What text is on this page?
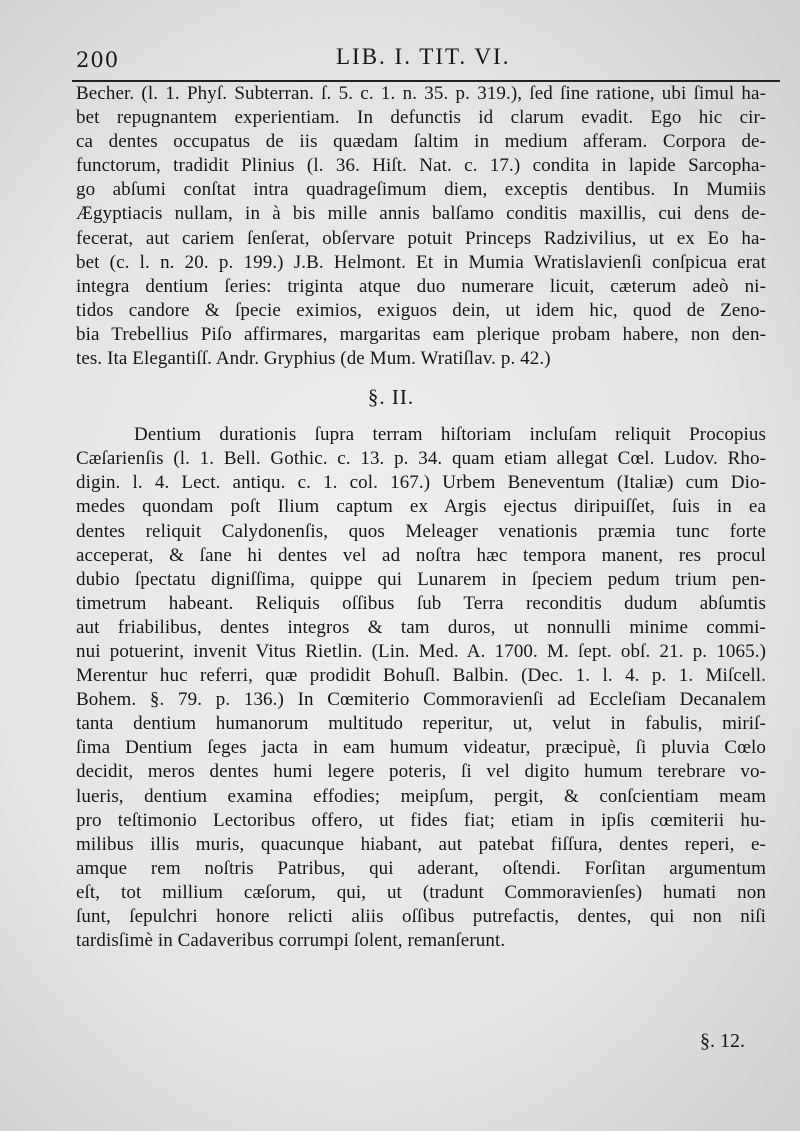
200	LIB. I. TIT. VI.
Becher. (l. 1. Phyſ. Subterran. ſ. 5. c. 1. n. 35. p. 319.), ſed ſine ratione, ubi ſimul ha-
bet repugnantem experientiam. In defunctis id clarum evadit. Ego hic cir-
ca dentes occupatus de iis quædam ſaltim in medium afferam. Corpora de-
functorum, tradidit Plinius (l. 36. Hiſt. Nat. c. 17.) condita in lapide Sarcopha-
go abſumi conſtat intra quadrageſimum diem, exceptis dentibus. In Mumiis
Ægyptiacis nullam, in à bis mille annis balſamo conditis maxillis, cui dens de-
fecerat, aut cariem ſenſerat, obſervare potuit Princeps Radzivilius, ut ex Eo ha-
bet (c. l. n. 20. p. 199.) J.B. Helmont. Et in Mumia Wratislavienſi conſpicua erat
integra dentium ſeries: triginta atque duo numerare licuit, cæterum adeò ni-
tidos candore & ſpecie eximios, exiguos dein, ut idem hic, quod de Zeno-
bia Trebellius Piſo affirmares, margaritas eam plerique probam habere, non den-
tes. Ita Elegantiſſ. Andr. Gryphius (de Mum. Wratiſlav. p. 42.)
§. II.
Dentium durationis ſupra terram hiſtoriam incluſam reliquit Procopius
Cæſarienſis (l. 1. Bell. Gothic. c. 13. p. 34. quam etiam allegat Cœl. Ludov. Rho-
digin. l. 4. Lect. antiqu. c. 1. col. 167.) Urbem Beneventum (Italiæ) cum Dio-
medes quondam poſt Ilium captum ex Argis ejectus diripuiſſet, ſuis in ea
dentes reliquit Calydonenſis, quos Meleager venationis præmia tunc forte
acceperat, & ſane hi dentes vel ad noſtra hæc tempora manent, res procul
dubio ſpectatu digniſſima, quippe qui Lunarem in ſpeciem pedum trium pen-
timetrum habeant. Reliquis oſſibus ſub Terra reconditis dudum abſumtis
aut friabilibus, dentes integros & tam duros, ut nonnulli minime commi-
nui potuerint, invenit Vitus Rietlin. (Lin. Med. A. 1700. M. ſept. obſ. 21. p. 1065.)
Merentur huc referri, quæ prodidit Bohuſl. Balbin. (Dec. 1. l. 4. p. 1. Miſcell.
Bohem. §. 79. p. 136.) In Cœmiterio Commoravienſi ad Eccleſiam Decanalem
tanta dentium humanorum multitudo reperitur, ut, velut in fabulis, miriſ-
ſima Dentium ſeges jacta in eam humum videatur, præcipuè, ſi pluvia Cœlo
decidit, meros dentes humi legere poteris, ſi vel digito humum terebrare vo-
lueris, dentium examina effodies; meipſum, pergit, & conſcientiam meam
pro teſtimonio Lectoribus offero, ut fides fiat; etiam in ipſis cœmiterii hu-
milibus illis muris, quacunque hiabant, aut patebat fiſſura, dentes reperi, e-
amque rem noſtris Patribus, qui aderant, oſtendi. Forſitan argumentum
eſt, tot millium cæſorum, qui, ut (tradunt Commoravienſes) humati non
ſunt, ſepulchri honore relicti aliis oſſibus putrefactis, dentes, qui non niſi
tardisſimè in Cadaveribus corrumpi ſolent, remanſerunt.
§. 12.
